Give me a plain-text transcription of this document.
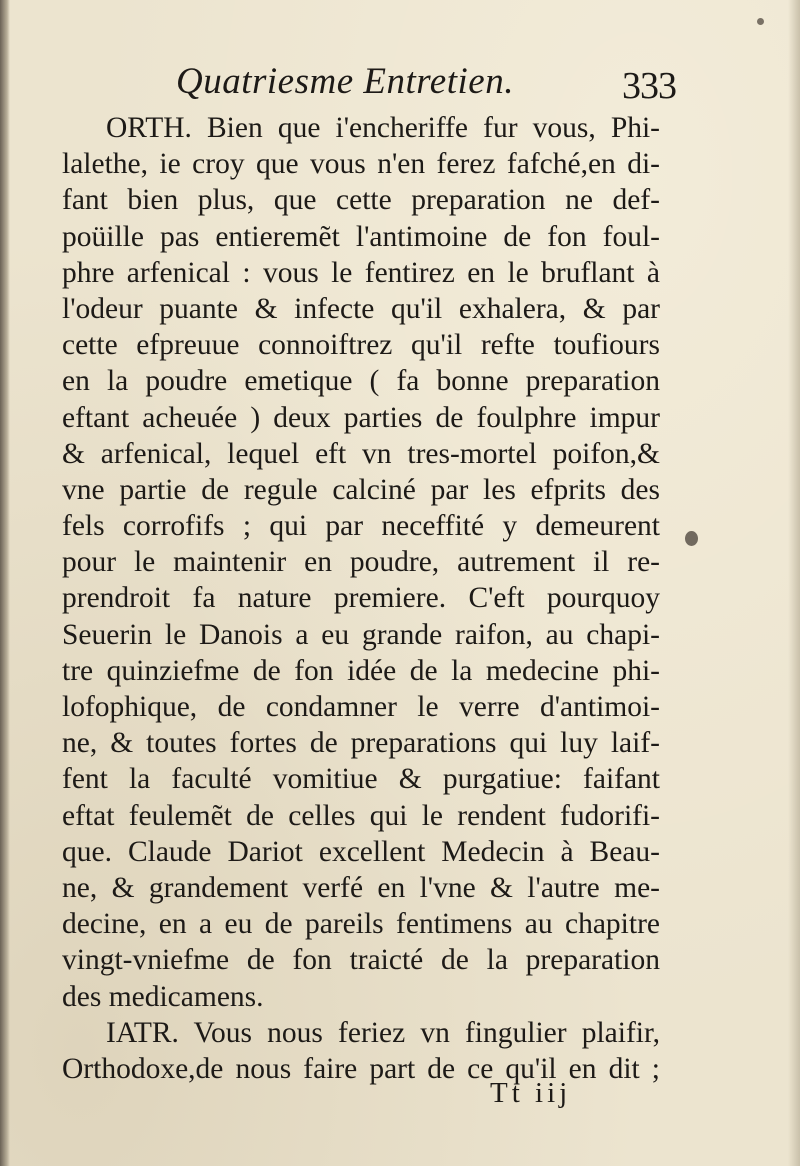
Quatriesme Entretien.	333
ORTH. Bien que i'encheriffe fur vous, Phi-
lalethe, ie croy que vous n'en ferez fafché,en di-
fant bien plus, que cette preparation ne def-
poüille pas entieremẽt l'antimoine de fon foul-
phre arfenical : vous le fentirez en le bruflant à
l'odeur puante & infecte qu'il exhalera, & par
cette efpreuue connoiftrez qu'il refte toufiours
en la poudre emetique ( fa bonne preparation
eftant acheuée ) deux parties de foulphre impur
& arfenical, lequel eft vn tres-mortel poifon,&
vne partie de regule calciné par les efprits des
fels corrofifs ; qui par neceffité y demeurent
pour le maintenir en poudre, autrement il re-
prendroit fa nature premiere. C'eft pourquoy
Seuerin le Danois a eu grande raifon, au chapi-
tre quinziefme de fon idée de la medecine phi-
lofophique, de condamner le verre d'antimoi-
ne, & toutes fortes de preparations qui luy laif-
fent la faculté vomitiue & purgatiue: faifant
eftat feulemẽt de celles qui le rendent fudorifi-
que. Claude Dariot excellent Medecin à Beau-
ne, & grandement verfé en l'vne & l'autre me-
decine, en a eu de pareils fentimens au chapitre
vingt-vniefme de fon traicté de la preparation
des medicamens.
IATR. Vous nous feriez vn fingulier plaifir,
Orthodoxe,de nous faire part de ce qu'il en dit ;
Tt iij
